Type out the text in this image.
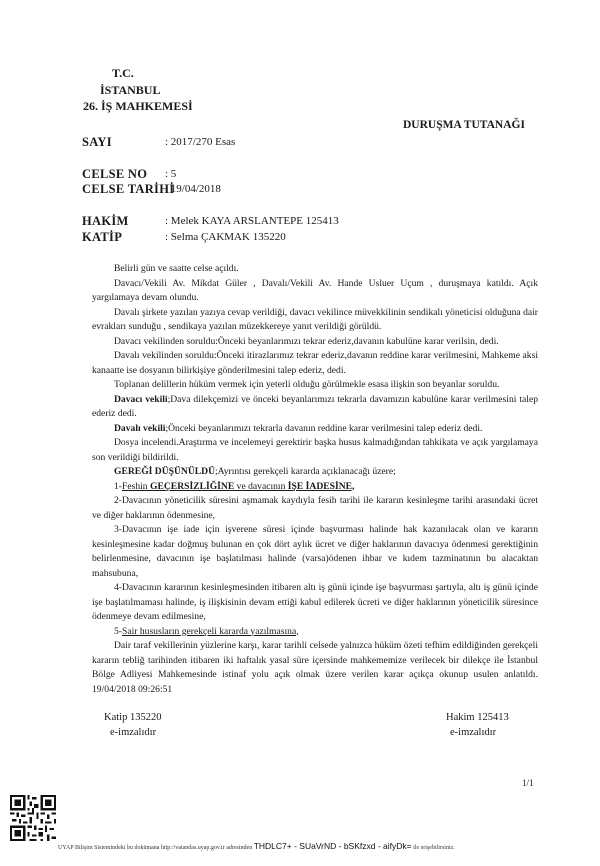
T.C.
İSTANBUL
26. İŞ MAHKEMESİ
DURUŞMA TUTANAĞI
SAYI	: 2017/270 Esas
CELSE NO : 5
CELSE TARİHİ
: 19/04/2018
HAKİM	: Melek KAYA ARSLANTEPE 125413
KATİP	: Selma ÇAKMAK 135220

Belirli gün ve saatte celse açıldı.

Davacı/Vekili Av. Mikdat Güler , Davalı/Vekili Av. Hande Usluer Uçum , duruşmaya katıldı. Açık yargılamaya devam olundu.

Davalı şirkete yazılan yazıya cevap verildiği, davacı vekilince müvekkilinin sendikalı yöneticisi olduğuna dair evrakları sunduğu , sendikaya yazılan müzekkereye yanıt verildiği görüldü.

Davacı vekilinden soruldu:Önceki beyanlarımızı tekrar ederiz,davanın kabulüne karar verilsin, dedi.

Davalı vekilinden soruldu:Önceki itirazlarımız tekrar ederiz,davanın reddine karar verilmesini, Mahkeme aksi kanaatte ise dosyanın bilirkişiye gönderilmesini talep ederiz, dedi.

Toplanan delillerin hüküm vermek için yeterli olduğu görülmekle esasa ilişkin son beyanlar soruldu.

Davacı vekili;Dava dilekçemizi ve önceki beyanlarımızı tekrarla davamızın kabulüne karar verilmesini talep ederiz dedi.

Davalı vekili;Önceki beyanlarımızı tekrarla davanın reddine karar verilmesini talep ederiz dedi.

Dosya incelendi.Araştırma ve incelemeyi gerektirir başka husus kalmadığından tahkikata ve açık yargılamaya son verildiği bildirildi.

GEREĞİ DÜŞÜNÜLDÜ;Ayrıntısı gerekçeli kararda açıklanacağı üzere;

1-Feshin GEÇERSİZLİĞİNE ve davacının İŞE İADESİNE,

2-Davacının yöneticilik süresini aşmamak kaydıyla fesih tarihi ile kararın kesinleşme tarihi arasındaki ücret ve diğer haklarının ödenmesine,

3-Davacının işe iade için işverene süresi içinde başvurması halinde hak kazanılacak olan ve kararın kesinleşmesine kadar doğmuş bulunan en çok dört aylık ücret ve diğer haklarının davacıya ödenmesi gerektiğinin belirlenmesine, davacının işe başlatılması halinde (varsa)ödenen ihbar ve kıdem tazminatının bu alacaktan mahsubuna,

4-Davacının kararının kesinleşmesinden itibaren altı iş günü içinde işe başvurması şartıyla, altı iş günü içinde işe başlatılmaması halinde, iş ilişkisinin devam ettiği kabul edilerek ücreti ve diğer haklarının yöneticilik süresince ödenmeye devam edilmesine,

5-Sair hususların gerekçeli kararda yazılmasına,

Dair taraf vekillerinin yüzlerine karşı, karar tarihli celsede yalnızca hüküm özeti tefhim edildiğinden gerekçeli kararın tebliğ tarihinden itibaren iki haftalık yasal süre içersinde mahkememize verilecek bir dilekçe ile İstanbul Bölge Adliyesi Mahkemesinde istinaf yolu açık olmak üzere verilen karar açıkça okunup usulen anlatıldı. 19/04/2018 09:26:51

Katip 135220
e-imzalıdır
Hakim 125413
e-imzalıdır
1/1
UYAP Bilişim Sistemindeki bu dokümana http://vatandas.uyap.gov.tr adresinden THDLC7+ - SUaVrND - bSKfzxd - aifyDk= ile erişebilirsiniz.
